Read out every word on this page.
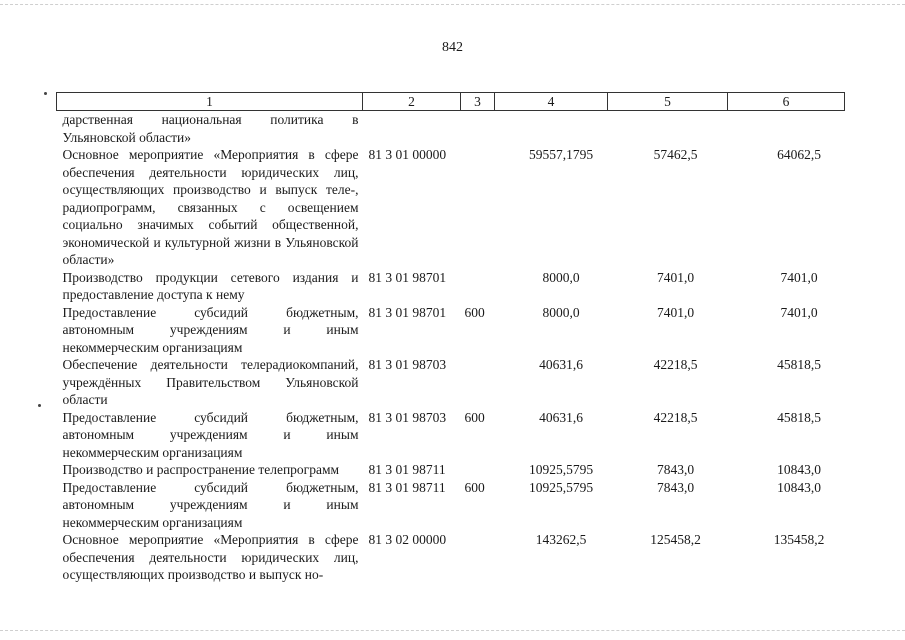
842
1	2	3	4	5	6
дарственная национальная политика в Ульяновской области»					
Основное мероприятие «Мероприятия в сфере обеспечения деятельности юридических лиц, осуществляющих производство и выпуск теле-, радиопрограмм, связанных с освещением социально значимых событий общественной, экономической и культурной жизни в Ульяновской области»	81 3 01 00000		59557,1795	57462,5	64062,5
Производство продукции сетевого издания и предоставление доступа к нему	81 3 01 98701		8000,0	7401,0	7401,0
Предоставление субсидий бюджетным, автономным учреждениям и иным некоммерческим организациям	81 3 01 98701	600	8000,0	7401,0	7401,0
Обеспечение деятельности телерадиокомпаний, учреждённых Правительством Ульяновской области	81 3 01 98703		40631,6	42218,5	45818,5
Предоставление субсидий бюджетным, автономным учреждениям и иным некоммерческим организациям	81 3 01 98703	600	40631,6	42218,5	45818,5
Производство и распространение телепрограмм	81 3 01 98711		10925,5795	7843,0	10843,0
Предоставление субсидий бюджетным, автономным учреждениям и иным некоммерческим организациям	81 3 01 98711	600	10925,5795	7843,0	10843,0
Основное мероприятие «Мероприятия в сфере обеспечения деятельности юридических лиц, осуществляющих производство и выпуск но-	81 3 02 00000		143262,5	125458,2	135458,2
